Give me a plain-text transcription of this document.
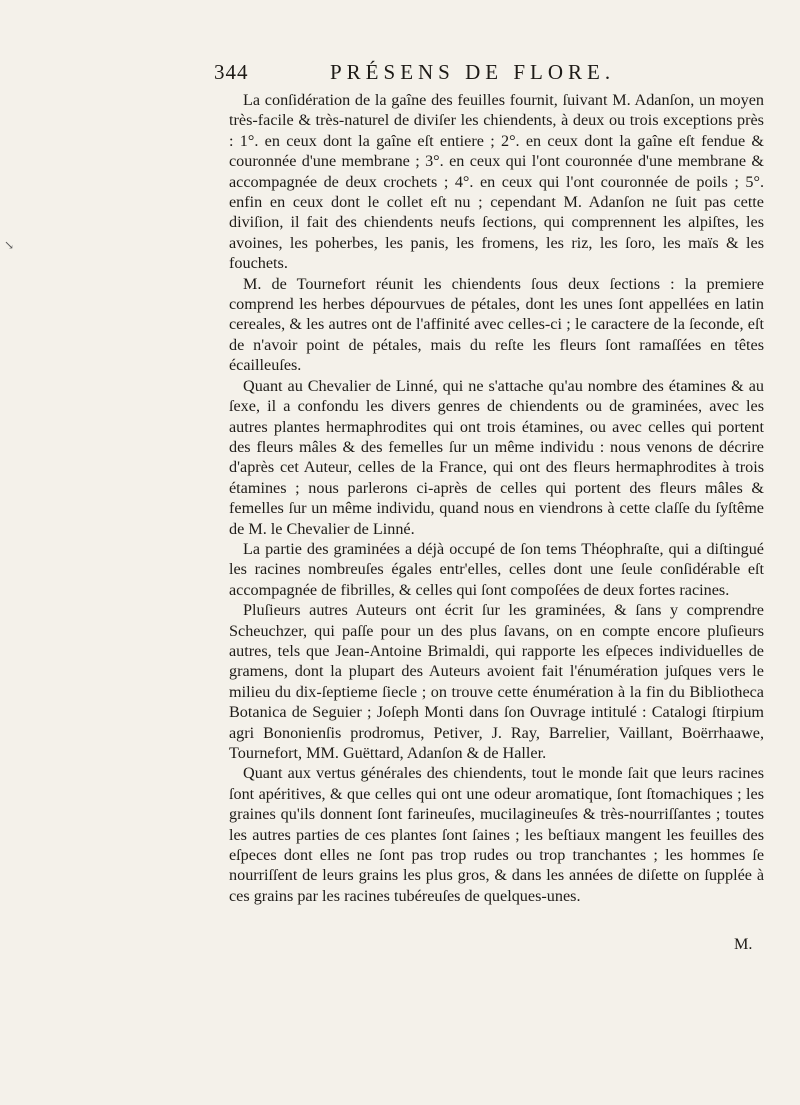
↘
344	PRÉSENS DE FLORE.

La conſidération de la gaîne des feuilles fournit, ſuivant M. Adanſon, un moyen très-facile & très-naturel de diviſer les chiendents, à deux ou trois exceptions près : 1°. en ceux dont la gaîne eſt entiere ; 2°. en ceux dont la gaîne eſt fendue & couronnée d'une membrane ; 3°. en ceux qui l'ont couronnée d'une membrane & accompagnée de deux crochets ; 4°. en ceux qui l'ont couronnée de poils ; 5°. enfin en ceux dont le collet eſt nu ; cependant M. Adanſon ne ſuit pas cette diviſion, il fait des chiendents neufs ſections, qui comprennent les alpiſtes, les avoines, les poherbes, les panis, les fromens, les riz, les ſoro, les maïs & les fouchets.

M. de Tournefort réunit les chiendents ſous deux ſections : la premiere comprend les herbes dépourvues de pétales, dont les unes ſont appellées en latin cereales, & les autres ont de l'affinité avec celles-ci ; le caractere de la ſeconde, eſt de n'avoir point de pétales, mais du reſte les fleurs ſont ramaſſées en têtes écailleuſes.

Quant au Chevalier de Linné, qui ne s'attache qu'au nombre des étamines & au ſexe, il a confondu les divers genres de chiendents ou de graminées, avec les autres plantes hermaphrodites qui ont trois étamines, ou avec celles qui portent des fleurs mâles & des femelles ſur un même individu : nous venons de décrire d'après cet Auteur, celles de la France, qui ont des fleurs hermaphrodites à trois étamines ; nous parlerons ci-après de celles qui portent des fleurs mâles & femelles ſur un même individu, quand nous en viendrons à cette claſſe du ſyſtême de M. le Chevalier de Linné.

La partie des graminées a déjà occupé de ſon tems Théophraſte, qui a diſtingué les racines nombreuſes égales entr'elles, celles dont une ſeule conſidérable eſt accompagnée de fibrilles, & celles qui ſont compoſées de deux fortes racines.

Pluſieurs autres Auteurs ont écrit ſur les graminées, & ſans y comprendre Scheuchzer, qui paſſe pour un des plus ſavans, on en compte encore pluſieurs autres, tels que Jean-Antoine Brimaldi, qui rapporte les eſpeces individuelles de gramens, dont la plupart des Auteurs avoient fait l'énumération juſques vers le milieu du dix-ſeptieme ſiecle ; on trouve cette énumération à la fin du Bibliotheca Botanica de Seguier ; Joſeph Monti dans ſon Ouvrage intitulé : Catalogi ſtirpium agri Bononienſis prodromus, Petiver, J. Ray, Barrelier, Vaillant, Boërrhaawe, Tournefort, MM. Guëttard, Adanſon & de Haller.

Quant aux vertus générales des chiendents, tout le monde ſait que leurs racines ſont apéritives, & que celles qui ont une odeur aromatique, ſont ſtomachiques ; les graines qu'ils donnent ſont farineuſes, mucilagineuſes & très-nourriſſantes ; toutes les autres parties de ces plantes ſont ſaines ; les beſtiaux mangent les feuilles des eſpeces dont elles ne ſont pas trop rudes ou trop tranchantes ; les hommes ſe nourriſſent de leurs grains les plus gros, & dans les années de diſette on ſupplée à ces grains par les racines tubéreuſes de quelques-unes.

M.
